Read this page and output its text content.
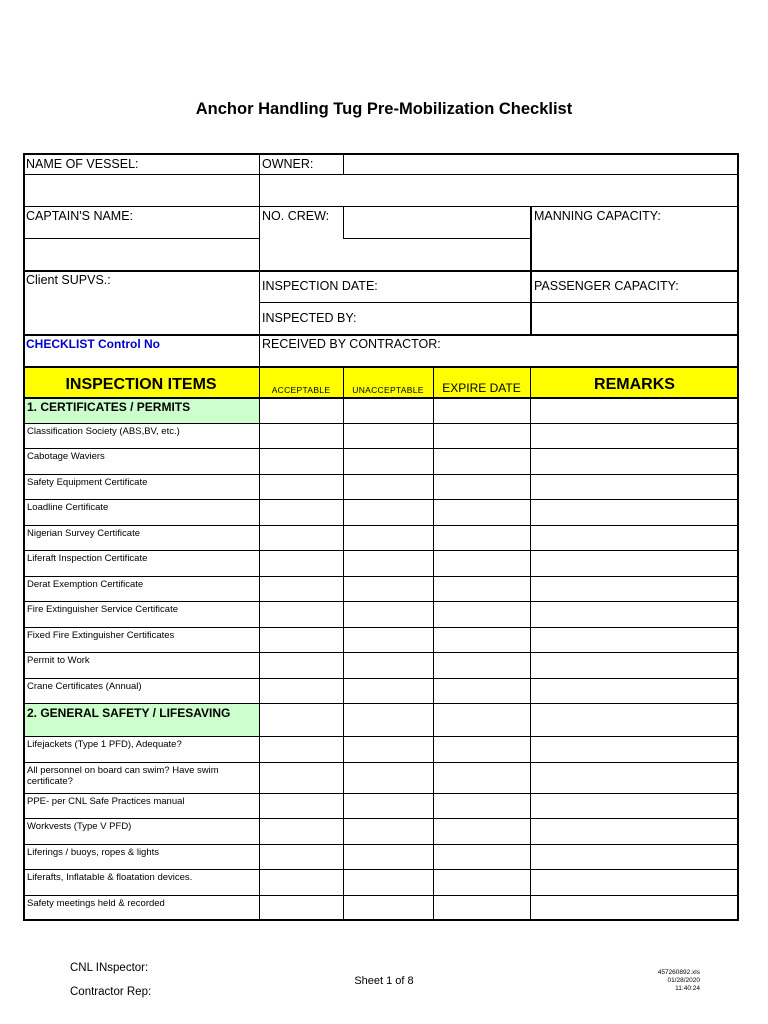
Anchor Handling Tug Pre-Mobilization Checklist
NAME OF VESSEL:	OWNER:
CAPTAIN'S NAME:	NO. CREW:	MANNING CAPACITY:
Client SUPVS.:	INSPECTION DATE:	PASSENGER CAPACITY:
INSPECTED BY:
CHECKLIST Control No	RECEIVED BY CONTRACTOR:
INSPECTION ITEMS	ACCEPTABLE	UNACCEPTABLE	EXPIRE DATE	REMARKS
1. CERTIFICATES / PERMITS
Classification Society (ABS,BV, etc.)
Cabotage Waviers
Safety Equipment Certificate
Loadline Certificate
Nigerian Survey Certificate
Liferaft Inspection Certificate
Derat Exemption Certificate
Fire Extinguisher Service Certificate
Fixed Fire Extinguisher Certificates
Permit to Work
Crane Certificates (Annual)
2. GENERAL SAFETY / LIFESAVING
Lifejackets (Type 1 PFD), Adequate?
All personnel on board can swim? Have swim certificate?
PPE- per CNL Safe Practices manual
Workvests (Type V PFD)
Liferings / buoys, ropes & lights
Liferafts, Inflatable & floatation devices.
Safety meetings held & recorded
CNL INspector:
Contractor Rep:
Sheet 1 of 8
457260892.xls
01/28/2020
11:40:24
